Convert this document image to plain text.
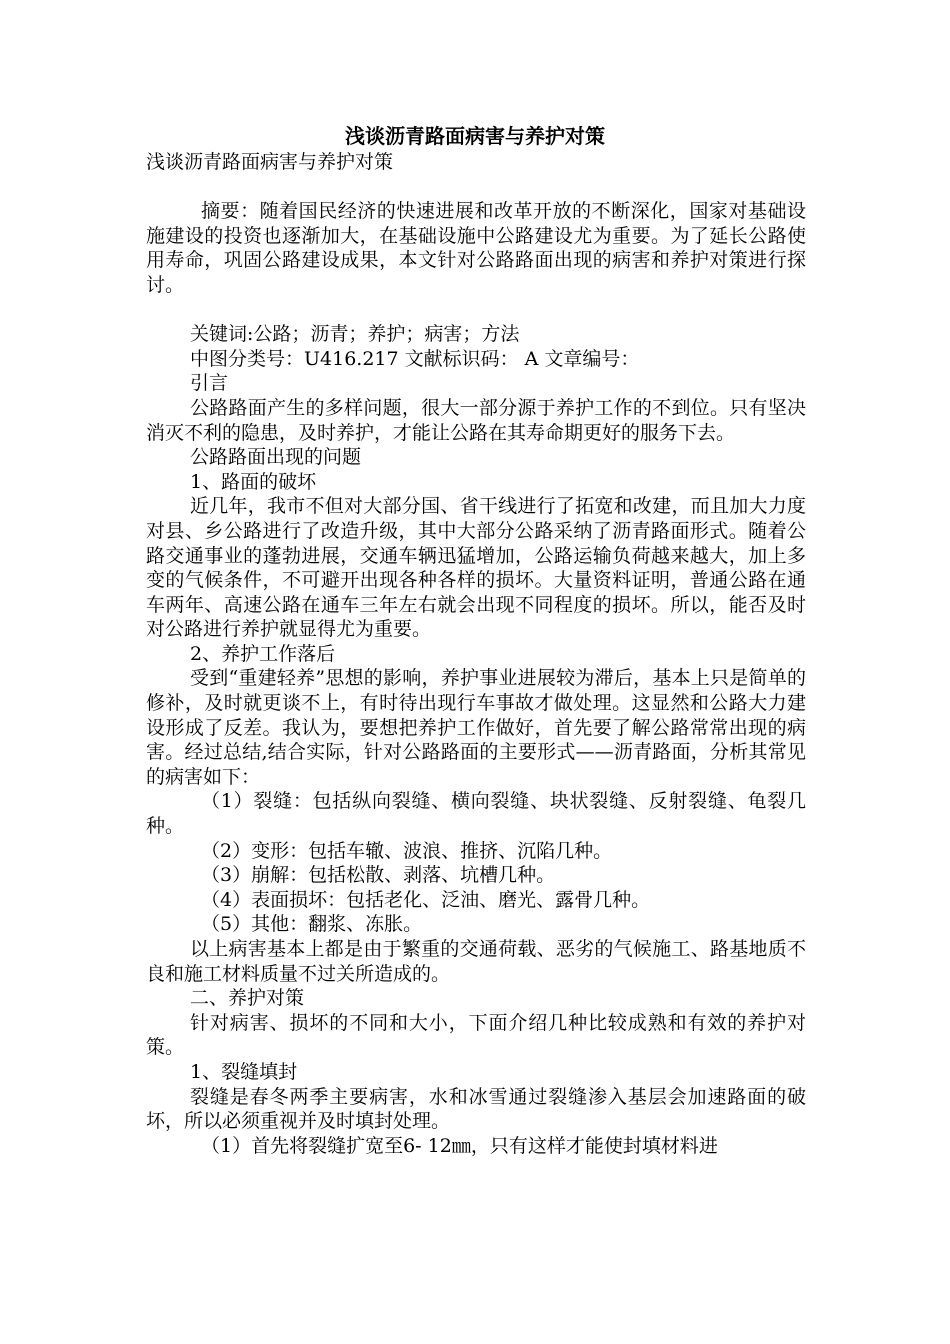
浅谈沥青路面病害与养护对策

浅谈沥青路面病害与养护对策

摘要：随着国民经济的快速进展和改革开放的不断深化，国家对基础设施建设的投资也逐渐加大，在基础设施中公路建设尤为重要。为了延长公路使用寿命，巩固公路建设成果，本文针对公路路面出现的病害和养护对策进行探讨。

关键词:公路；沥青；养护；病害；方法

中图分类号：U416.217 文献标识码： A 文章编号：

引言

公路路面产生的多样问题，很大一部分源于养护工作的不到位。只有坚决消灭不利的隐患，及时养护，才能让公路在其寿命期更好的服务下去。

公路路面出现的问题

1、路面的破坏

近几年，我市不但对大部分国、省干线进行了拓宽和改建，而且加大力度对县、乡公路进行了改造升级，其中大部分公路采纳了沥青路面形式。随着公路交通事业的蓬勃进展，交通车辆迅猛增加，公路运输负荷越来越大，加上多变的气候条件，不可避开出现各种各样的损坏。大量资料证明，普通公路在通车两年、高速公路在通车三年左右就会出现不同程度的损坏。所以，能否及时对公路进行养护就显得尤为重要。

2、养护工作落后

受到“重建轻养”思想的影响，养护事业进展较为滞后，基本上只是简单的修补，及时就更谈不上，有时待出现行车事故才做处理。这显然和公路大力建设形成了反差。我认为，要想把养护工作做好，首先要了解公路常常出现的病害。经过总结,结合实际，针对公路路面的主要形式——沥青路面，分析其常见的病害如下：

（1）裂缝：包括纵向裂缝、横向裂缝、块状裂缝、反射裂缝、龟裂几种。

（2）变形：包括车辙、波浪、推挤、沉陷几种。

（3）崩解：包括松散、剥落、坑槽几种。

（4）表面损坏：包括老化、泛油、磨光、露骨几种。

（5）其他：翻浆、冻胀。

以上病害基本上都是由于繁重的交通荷载、恶劣的气候施工、路基地质不良和施工材料质量不过关所造成的。

二、养护对策

针对病害、损坏的不同和大小，下面介绍几种比较成熟和有效的养护对策。

1、裂缝填封

裂缝是春冬两季主要病害，水和冰雪通过裂缝渗入基层会加速路面的破坏，所以必须重视并及时填封处理。

（1）首先将裂缝扩宽至6- 12㎜，只有这样才能使封填材料进
